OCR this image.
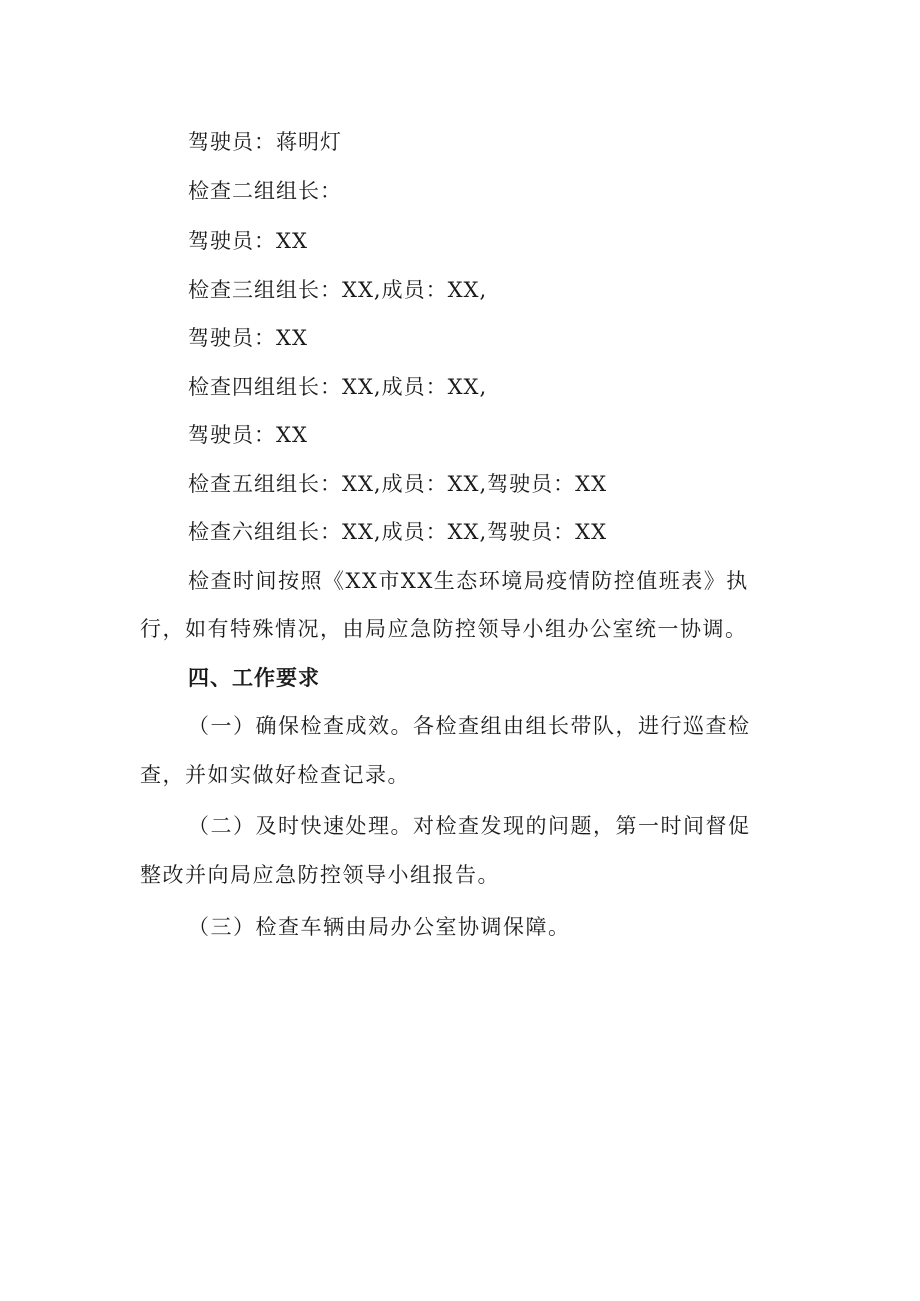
驾驶员：蒋明灯
检查二组组长：
驾驶员：XX
检查三组组长：XX,成员：XX,
驾驶员：XX
检查四组组长：XX,成员：XX,
驾驶员：XX
检查五组组长：XX,成员：XX,驾驶员：XX
检查六组组长：XX,成员：XX,驾驶员：XX
检查时间按照《XX市XX生态环境局疫情防控值班表》执
行，如有特殊情况，由局应急防控领导小组办公室统一协调。
四、工作要求
（一）确保检查成效。各检查组由组长带队，进行巡查检
查，并如实做好检查记录。
（二）及时快速处理。对检查发现的问题，第一时间督促
整改并向局应急防控领导小组报告。
（三）检查车辆由局办公室协调保障。
